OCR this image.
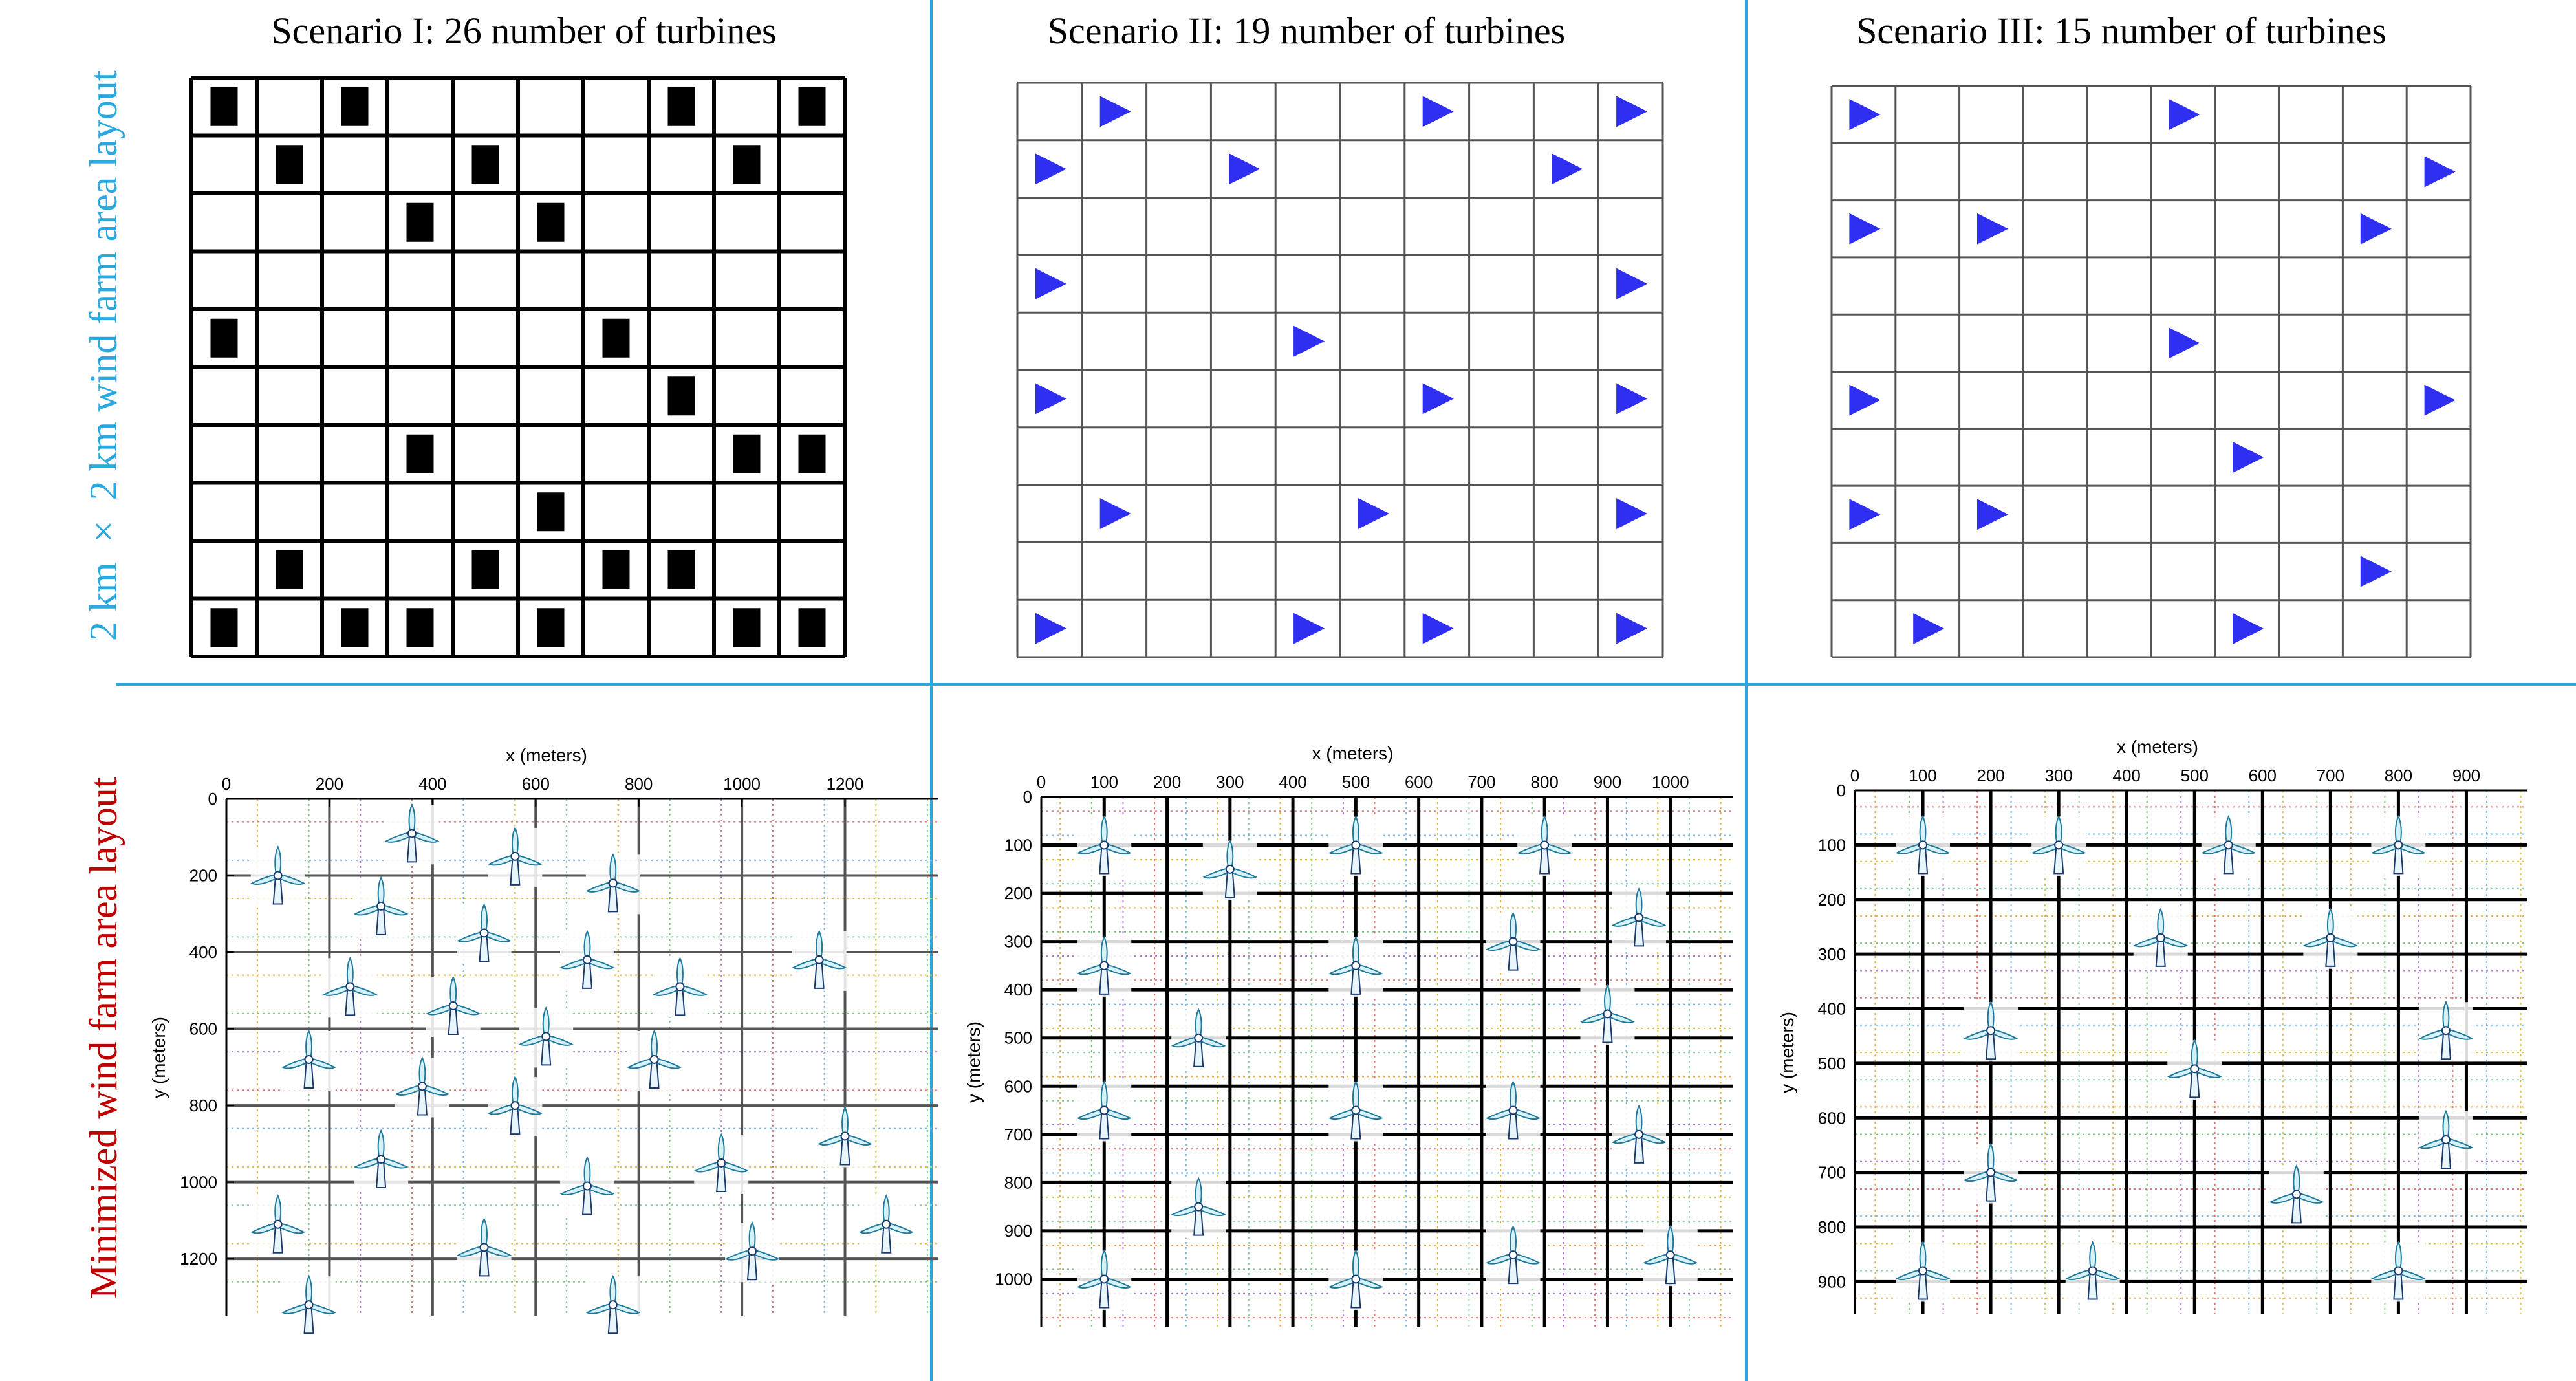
2 km × 2 km wind farm area layout
Minimized wind farm area layout
Scenario I: 26 number of turbines	Scenario II: 19 number of turbines	Scenario III: 15 number of turbines
0	200	400	600	800	1000	1200
0
200
400
600
800
1000
1200
x (meters)
y (meters)
0	100 200 300 400 500 600 700 800 900 1000
0
100
200
300
400
500
600
700
800
900
1000
x (meters)
y (meters)
0	100 200 300 400 500 600 700 800 900
0
100
200
300
400
500
600
700
800
900
x (meters)
y (meters)
